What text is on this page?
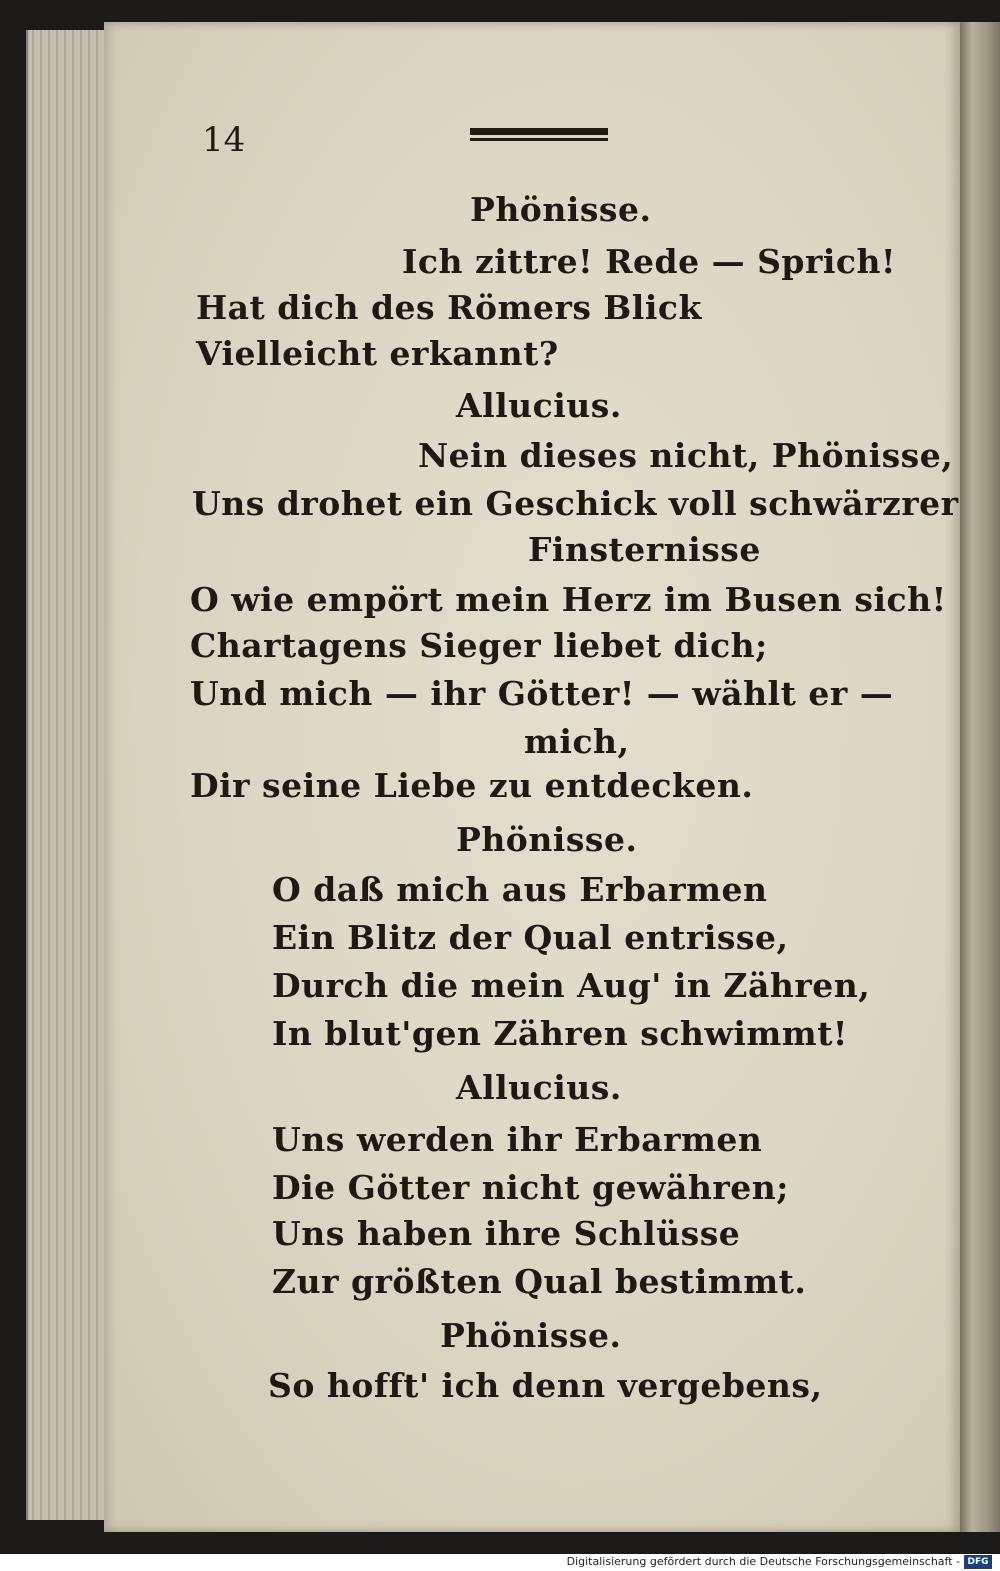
14
Phönisse.
Ich zittre! Rede — Sprich!
Hat dich des Römers Blick
Vielleicht erkannt?
Allucius.
Nein dieses nicht, Phönisse,
Uns drohet ein Geschick voll schwärzrer
Finsternisse
O wie empört mein Herz im Busen sich!
Chartagens Sieger liebet dich;
Und mich — ihr Götter! — wählt er —
mich,
Dir seine Liebe zu entdecken.
Phönisse.
O daß mich aus Erbarmen
Ein Blitz der Qual entrisse,
Durch die mein Aug' in Zähren,
In blut'gen Zähren schwimmt!
Allucius.
Uns werden ihr Erbarmen
Die Götter nicht gewähren;
Uns haben ihre Schlüsse
Zur größten Qual bestimmt.
Phönisse.
So hofft' ich denn vergebens,
Digitalisierung gefördert durch die Deutsche Forschungsgemeinschaft - DFG
